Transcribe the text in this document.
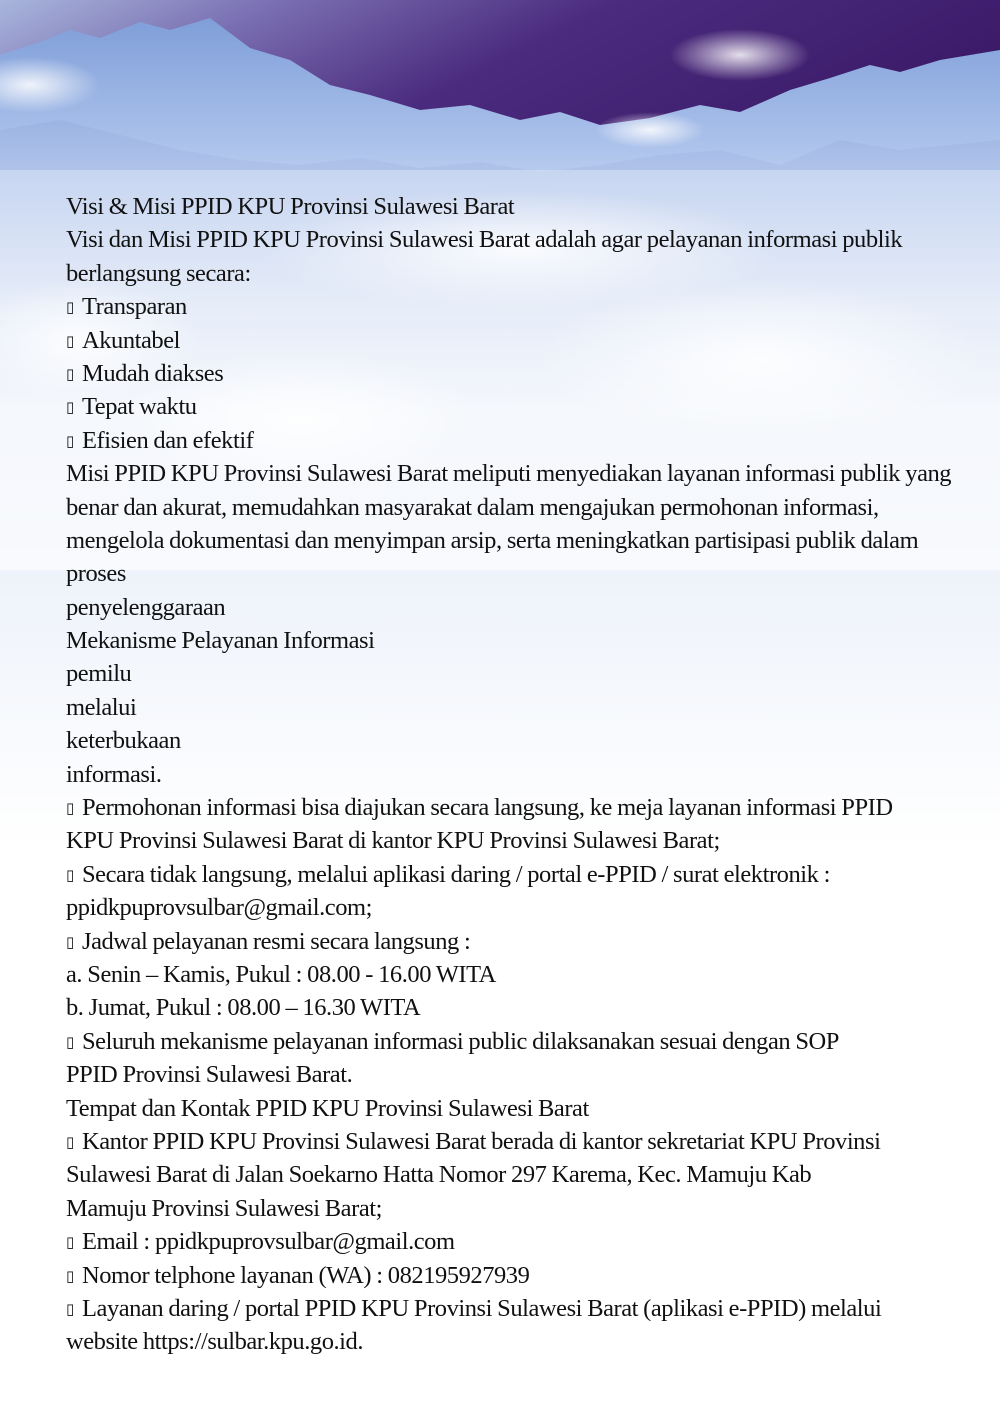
Visi & Misi PPID KPU Provinsi Sulawesi Barat
Visi dan Misi PPID KPU Provinsi Sulawesi Barat adalah agar pelayanan informasi publik
berlangsung secara:
▯ Transparan
▯ Akuntabel
▯ Mudah diakses
▯ Tepat waktu
▯ Efisien dan efektif
Misi PPID KPU Provinsi Sulawesi Barat meliputi menyediakan layanan informasi publik yang
benar dan akurat, memudahkan masyarakat dalam mengajukan permohonan informasi,
mengelola dokumentasi dan menyimpan arsip, serta meningkatkan partisipasi publik dalam
proses
penyelenggaraan
Mekanisme Pelayanan Informasi
pemilu
melalui
keterbukaan
informasi.
▯ Permohonan informasi bisa diajukan secara langsung, ke meja layanan informasi PPID
KPU Provinsi Sulawesi Barat di kantor KPU Provinsi Sulawesi Barat;
▯ Secara tidak langsung, melalui aplikasi daring / portal e-PPID / surat elektronik :
ppidkpuprovsulbar@gmail.com;
▯ Jadwal pelayanan resmi secara langsung :
a. Senin – Kamis, Pukul : 08.00 - 16.00 WITA
b. Jumat, Pukul : 08.00 – 16.30 WITA
▯ Seluruh mekanisme pelayanan informasi public dilaksanakan sesuai dengan SOP
PPID Provinsi Sulawesi Barat.
Tempat dan Kontak PPID KPU Provinsi Sulawesi Barat
▯ Kantor PPID KPU Provinsi Sulawesi Barat berada di kantor sekretariat KPU Provinsi
Sulawesi Barat di Jalan Soekarno Hatta Nomor 297 Karema, Kec. Mamuju Kab
Mamuju Provinsi Sulawesi Barat;
▯ Email : ppidkpuprovsulbar@gmail.com
▯ Nomor telphone layanan (WA) : 082195927939
▯ Layanan daring / portal PPID KPU Provinsi Sulawesi Barat (aplikasi e-PPID) melalui
website https://sulbar.kpu.go.id.
